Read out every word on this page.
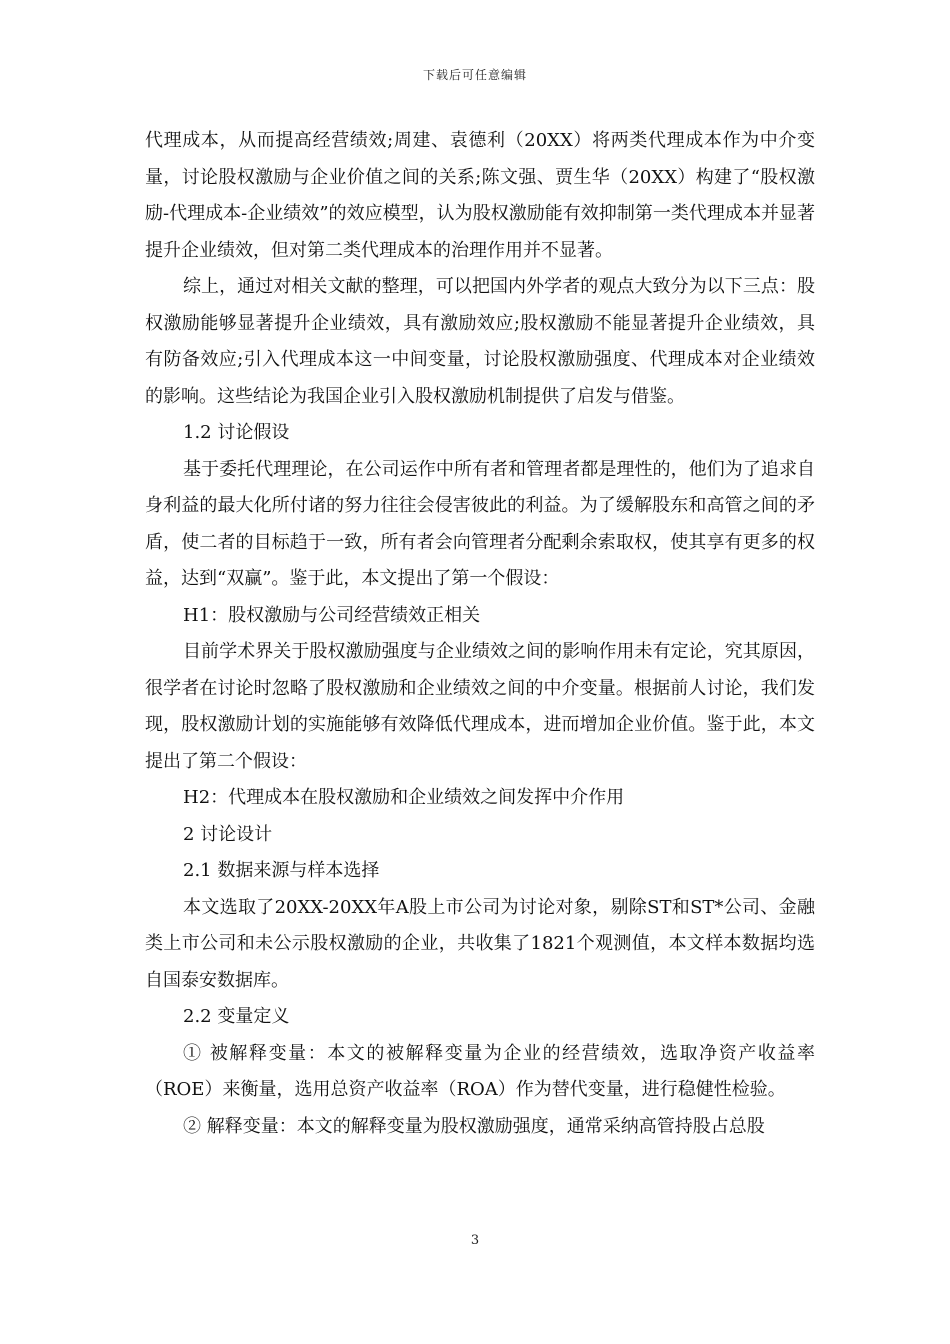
下载后可任意编辑

代理成本，从而提高经营绩效;周建、袁德利（20XX）将两类代理成本作为中介变量，讨论股权激励与企业价值之间的关系;陈文强、贾生华（20XX）构建了“股权激励-代理成本-企业绩效”的效应模型，认为股权激励能有效抑制第一类代理成本并显著提升企业绩效，但对第二类代理成本的治理作用并不显著。

综上，通过对相关文献的整理，可以把国内外学者的观点大致分为以下三点：股权激励能够显著提升企业绩效，具有激励效应;股权激励不能显著提升企业绩效，具有防备效应;引入代理成本这一中间变量，讨论股权激励强度、代理成本对企业绩效的影响。这些结论为我国企业引入股权激励机制提供了启发与借鉴。

1.2 讨论假设

基于委托代理理论，在公司运作中所有者和管理者都是理性的，他们为了追求自身利益的最大化所付诸的努力往往会侵害彼此的利益。为了缓解股东和高管之间的矛盾，使二者的目标趋于一致，所有者会向管理者分配剩余索取权，使其享有更多的权益，达到“双赢”。鉴于此，本文提出了第一个假设：

H1：股权激励与公司经营绩效正相关

目前学术界关于股权激励强度与企业绩效之间的影响作用未有定论，究其原因，很学者在讨论时忽略了股权激励和企业绩效之间的中介变量。根据前人讨论，我们发现，股权激励计划的实施能够有效降低代理成本，进而增加企业价值。鉴于此，本文提出了第二个假设：

H2：代理成本在股权激励和企业绩效之间发挥中介作用

2 讨论设计

2.1 数据来源与样本选择

本文选取了20XX-20XX年A股上市公司为讨论对象，剔除ST和ST*公司、金融类上市公司和未公示股权激励的企业，共收集了1821个观测值，本文样本数据均选自国泰安数据库。

2.2 变量定义

① 被解释变量：本文的被解释变量为企业的经营绩效，选取净资产收益率（ROE）来衡量，选用总资产收益率（ROA）作为替代变量，进行稳健性检验。

② 解释变量：本文的解释变量为股权激励强度，通常采纳高管持股占总股

3
